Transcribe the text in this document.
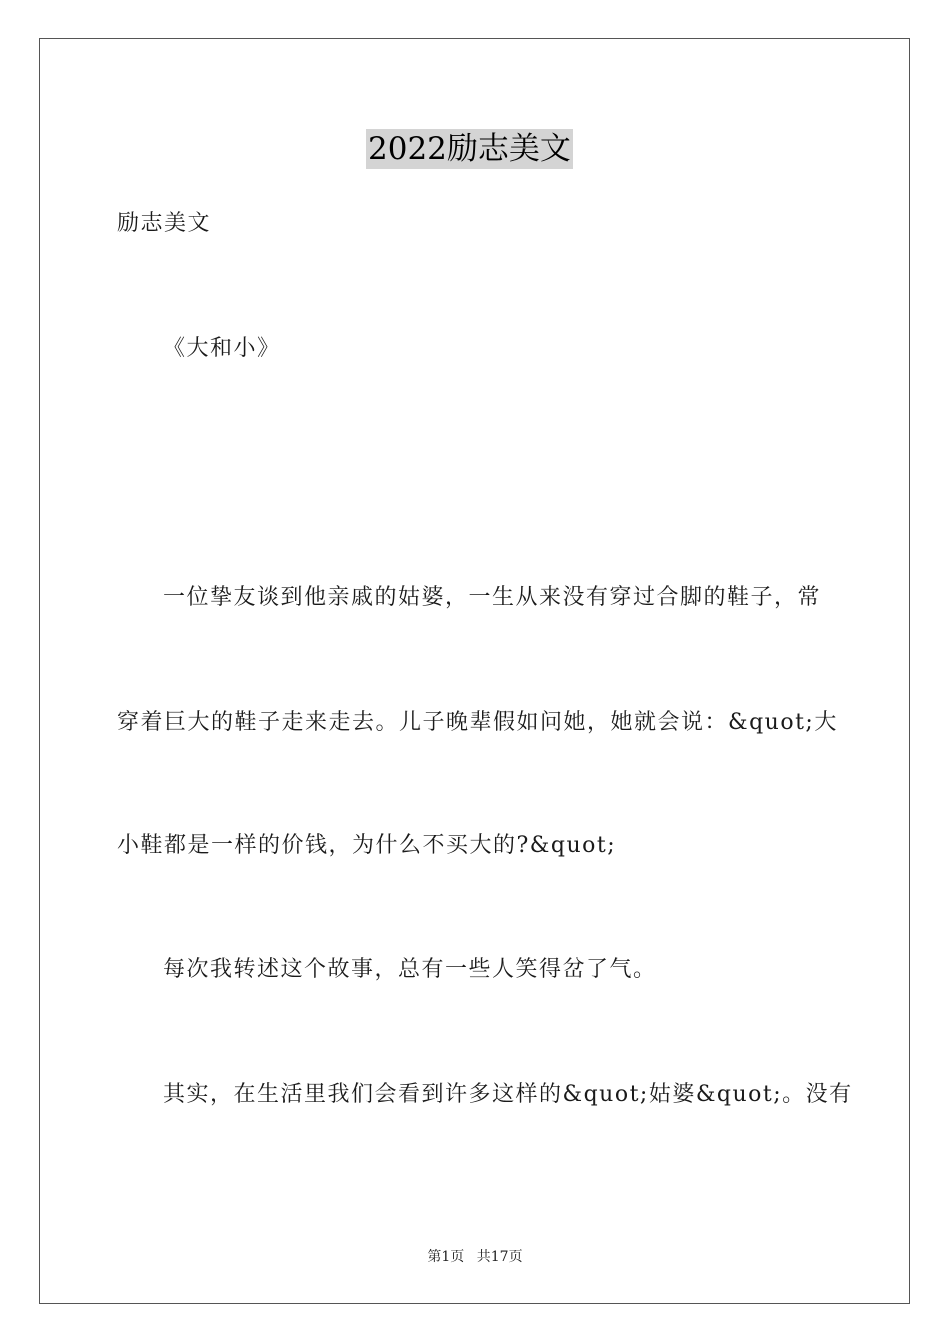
2022励志美文
励志美文
《大和小》
一位挚友谈到他亲戚的姑婆，一生从来没有穿过合脚的鞋子，常
穿着巨大的鞋子走来走去。儿子晚辈假如问她，她就会说：&quot;大
小鞋都是一样的价钱，为什么不买大的?&quot;
每次我转述这个故事，总有一些人笑得岔了气。
其实，在生活里我们会看到许多这样的&quot;姑婆&quot;。没有
第1页 共17页
